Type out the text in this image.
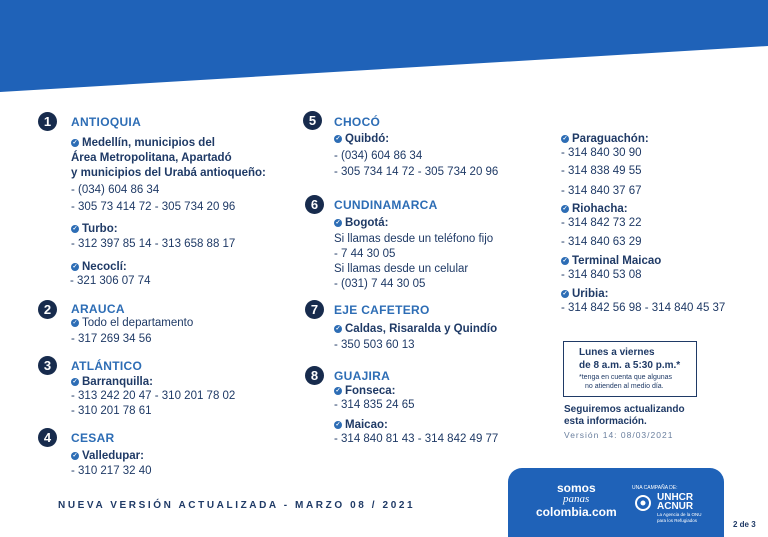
1	ANTIOQUIA
✓ Medellín, municipios del
Área Metropolitana, Apartadó
y municipios del Urabá antioqueño:
- (034) 604 86 34
- 305 73 414 72 - 305 734 20 96
✓ Turbo:
- 312 397 85 14 - 313 658 88 17
✓ Necoclí:
- 321 306 07 74
2	ARAUCA
✓ Todo el departamento
- 317 269 34 56
3	ATLÁNTICO
✓ Barranquilla:
- 313 242 20 47 - 310 201 78 02
- 310 201 78 61
4	CESAR
✓ Valledupar:
- 310 217 32 40
5	CHOCÓ
✓ Quibdó:
- (034) 604 86 34
- 305 734 14 72 - 305 734 20 96
6	CUNDINAMARCA
✓ Bogotá:
Si llamas desde un teléfono fijo
- 7 44 30 05
Si llamas desde un celular
- (031) 7 44 30 05
7	EJE CAFETERO
✓ Caldas, Risaralda y Quindío
- 350 503 60 13
8	GUAJIRA
✓ Fonseca:
- 314 835 24 65
✓ Maicao:
- 314 840 81 43 - 314 842 49 77
✓ Paraguachón:
- 314 840 30 90
- 314 838 49 55
- 314 840 37 67
✓ Riohacha:
- 314 842 73 22
- 314 840 63 29
✓ Terminal Maicao
- 314 840 53 08
✓ Uribia:
- 314 842 56 98 - 314 840 45 37
Lunes a viernes
de 8 a.m. a 5:30 p.m.*
*tenga en cuenta que algunas
no atienden al medio día.
Seguiremos actualizando
esta información.
Versión 14: 08/03/2021
NUEVA VERSIÓN ACTUALIZADA - MARZO 08 / 2021
somos
panas
colombia.com
UNA CAMPAÑA DE:
UNHCR
ACNUR
La Agencia de la ONU
para los Refugiados	2 de 3
